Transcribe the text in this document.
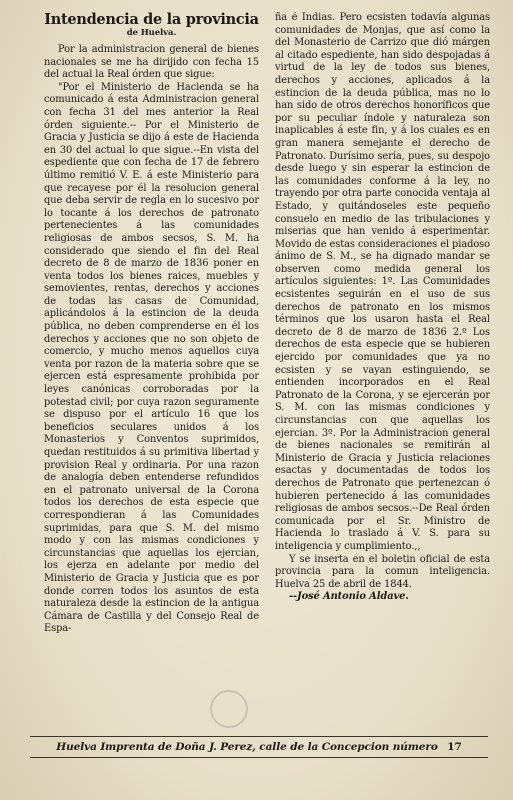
Intendencia de la provincia
de Huelva.

Por la administracion general de bienes nacionales se me ha dirijido con fecha 15 del actual la Real órden que sigue:

"Por el Ministerio de Hacienda se ha comunicado á esta Administracion general con fecha 31 del mes anterior la Real órden siguiente.-- Por el Ministerio de Gracia y Justicia se dijo á este de Hacienda en 30 del actual lo que sigue.--En vista del espediente que con fecha de 17 de febrero último remitió V. E. á este Ministerio para que recayese por él la resolucion general que deba servir de regla en lo sucesivo por lo tocante á los derechos de patronato pertenecientes á las comunidades religiosas de ambos secsos, S. M. ha considerado que siendo el fin del Real decreto de 8 de marzo de 1836 poner en venta todos los bienes raices, muebles y semovientes, rentas, derechos y acciones de todas las casas de Comunidad, aplicándolos á la estincion de la deuda pública, no deben comprenderse en él los derechos y acciones que no son objeto de comercio, y mucho menos aquellos cuya venta por razon de la materia sobre que se ejercen está espresamente prohibida por leyes canónicas corroboradas por la potestad civil; por cuya razon seguramente se dispuso por el artículo 16 que los beneficios seculares unidos á los Monasterios y Conventos suprimidos, quedan restituidos á su primitiva libertad y provision Real y ordinaria. Por una razon de analogía deben entenderse refundidos en el patronato universal de la Corona todos los derechos de esta especie que correspondieran á las Comunidades suprimidas, para que S. M. del mismo modo y con las mismas condiciones y circunstancias que aquellas los ejercian, los ejerza en adelante por medio del Ministerio de Gracia y Justicia que es por donde corren todos los asuntos de esta naturaleza desde la estincion de la antigua Cámara de Castilla y del Consejo Real de Espa-

ña é Indias. Pero ecsisten todavía algunas comunidades de Monjas, que así como la del Monasterio de Carrizo que dió márgen al citado espediente, han sido despojadas á virtud de la ley de todos sus bienes, derechos y acciones, aplicados á la estincion de la deuda pública, mas no lo han sido de otros derechos honoríficos que por su peculiar índole y naturaleza son inaplicables á este fin, y á los cuales es en gran manera semejante el derecho de Patronato. Durísimo sería, pues, su despojo desde luego y sin esperar la estincion de las comunidades conforme á la ley, no trayendo por otra parte conocida ventaja al Estado, y quitándoseles este pequeño consuelo en medio de las tribulaciones y miserias que han venido á esperimentar. Movido de estas consideraciones el piadoso ánimo de S. M., se ha dignado mandar se observen como medida general los artículos siguientes: 1º. Las Comunidades ecsistentes seguirán en el uso de sus derechos de patronato en los mismos términos que los usaron hasta el Real decreto de 8 de marzo de 1836 2.º Los derechos de esta especie que se hubieren ejercido por comunidades que ya no ecsisten y se vayan estinguiendo, se entienden incorporados en el Real Patronato de la Corona, y se ejercerán por S. M. con las mismas condiciones y circunstancias con que aquellas los ejercian. 3º. Por la Administracion general de bienes nacionales se remitirán al Ministerio de Gracia y Justicia relaciones esactas y documentadas de todos los derechos de Patronato que pertenezcan ó hubieren pertenecido á las comunidades religiosas de ambos secsos.--De Real órden comunicada por el Sr. Ministro de Hacienda lo traslado á V. S. para su inteligencia y cumplimiento.,,

Y se inserta en el boletin oficial de esta provincia para la comun inteligencia. Huelva 25 de abril de 1844.

--José Antonio Aldave.

Huelva Imprenta de Doña J. Perez, calle de la Concepcion número 17
